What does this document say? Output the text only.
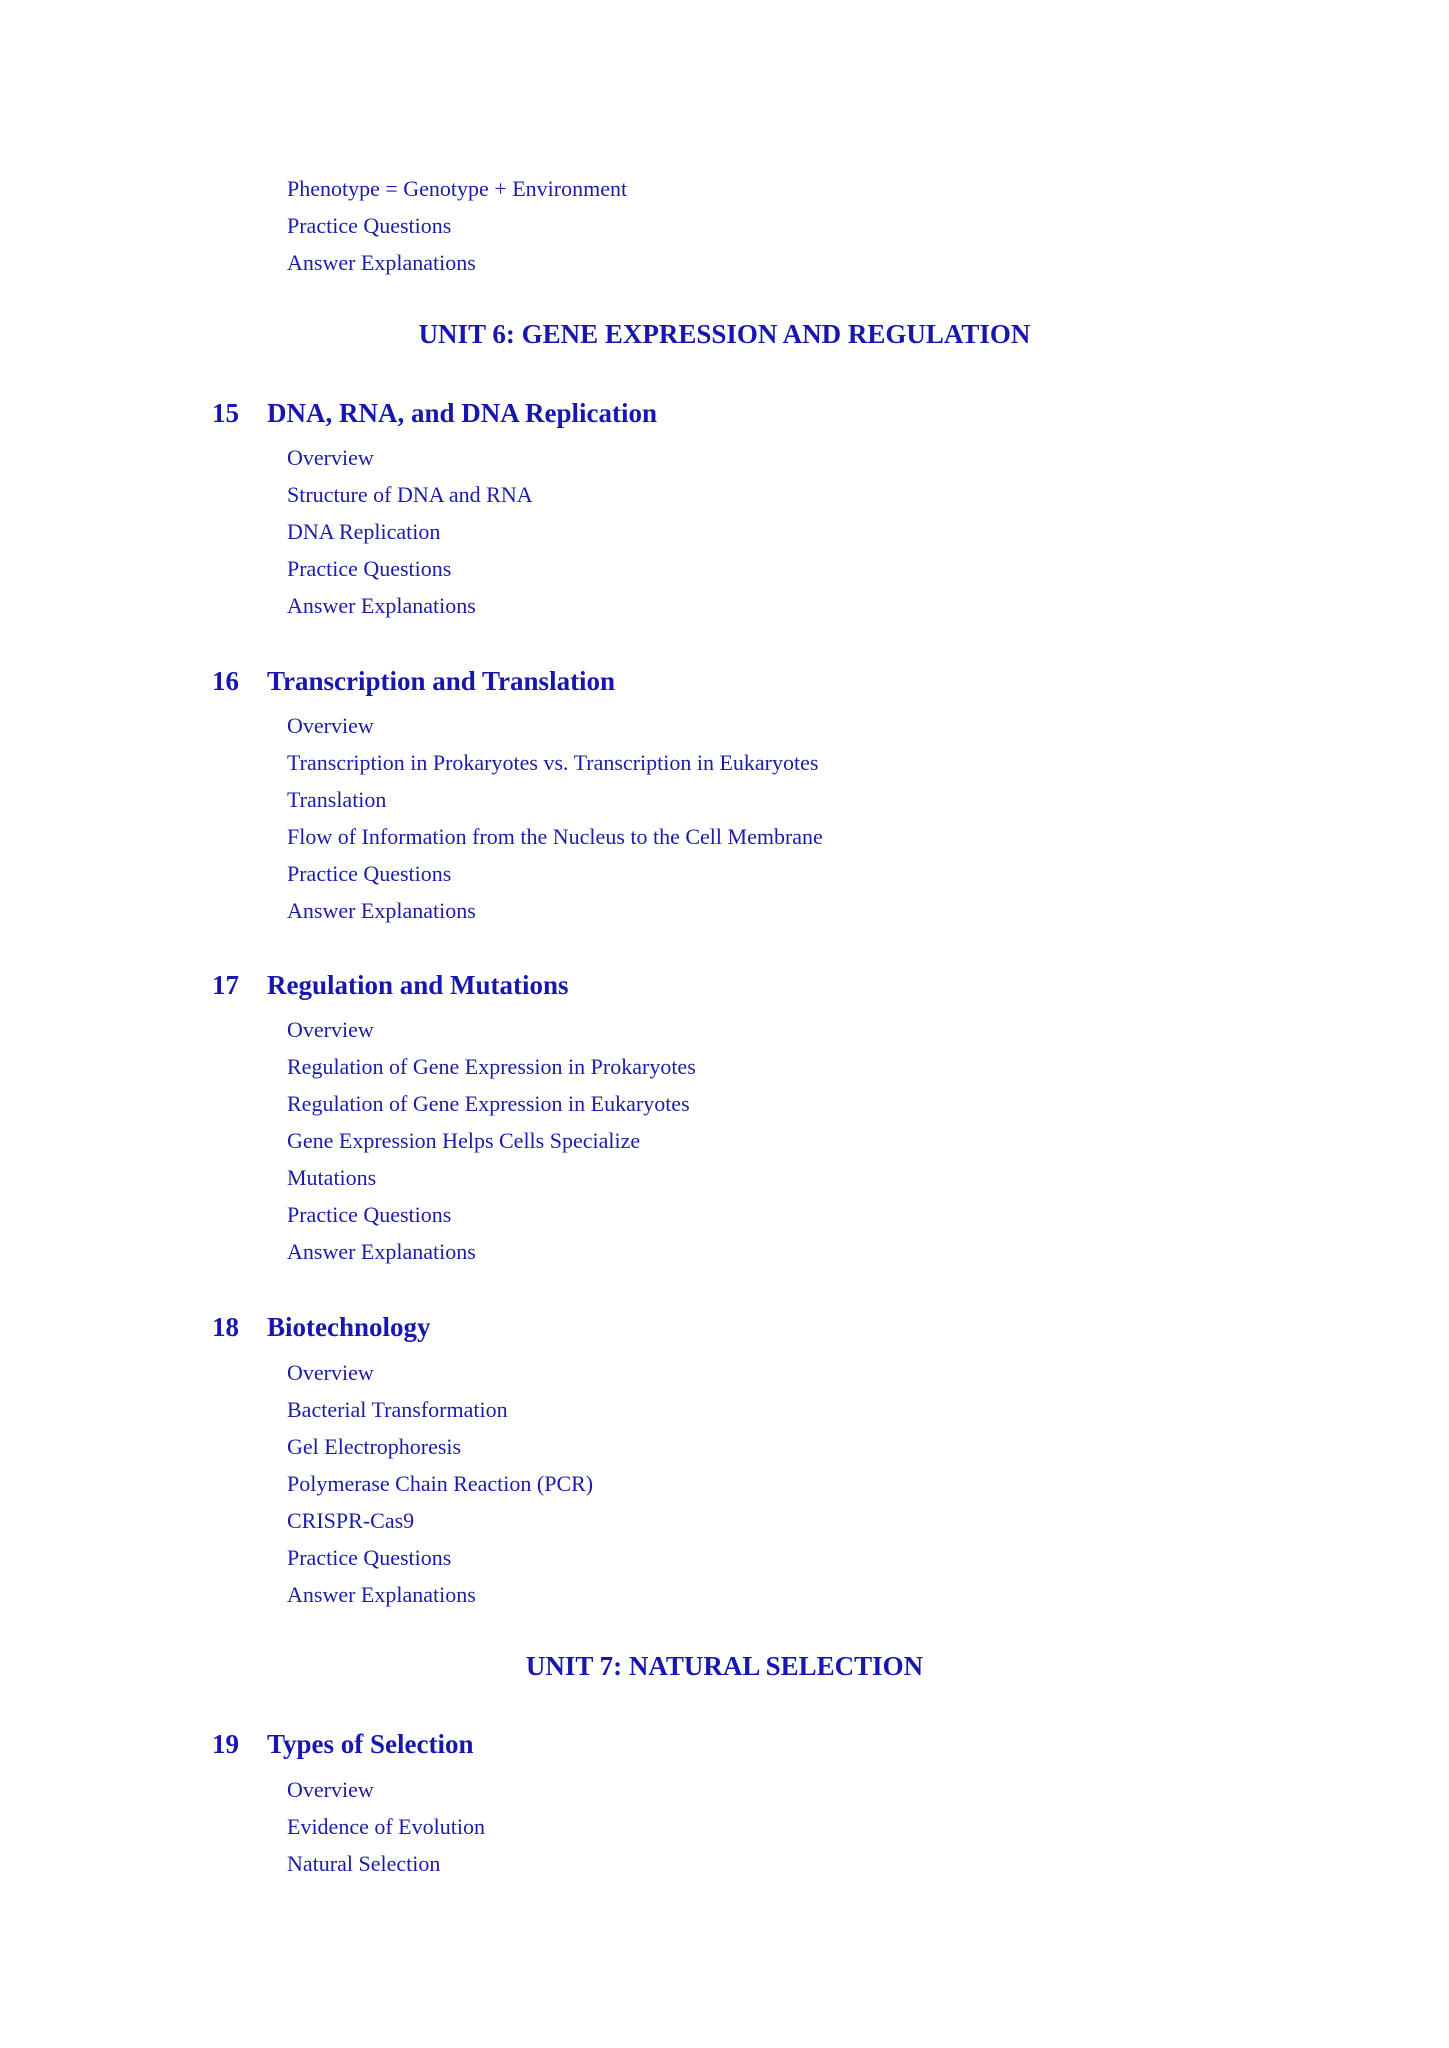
Phenotype = Genotype + Environment
Practice Questions
Answer Explanations
UNIT 6: GENE EXPRESSION AND REGULATION
15 DNA, RNA, and DNA Replication
Overview
Structure of DNA and RNA
DNA Replication
Practice Questions
Answer Explanations
16 Transcription and Translation
Overview
Transcription in Prokaryotes vs. Transcription in Eukaryotes
Translation
Flow of Information from the Nucleus to the Cell Membrane
Practice Questions
Answer Explanations
17 Regulation and Mutations
Overview
Regulation of Gene Expression in Prokaryotes
Regulation of Gene Expression in Eukaryotes
Gene Expression Helps Cells Specialize
Mutations
Practice Questions
Answer Explanations
18 Biotechnology
Overview
Bacterial Transformation
Gel Electrophoresis
Polymerase Chain Reaction (PCR)
CRISPR-Cas9
Practice Questions
Answer Explanations
UNIT 7: NATURAL SELECTION
19 Types of Selection
Overview
Evidence of Evolution
Natural Selection
